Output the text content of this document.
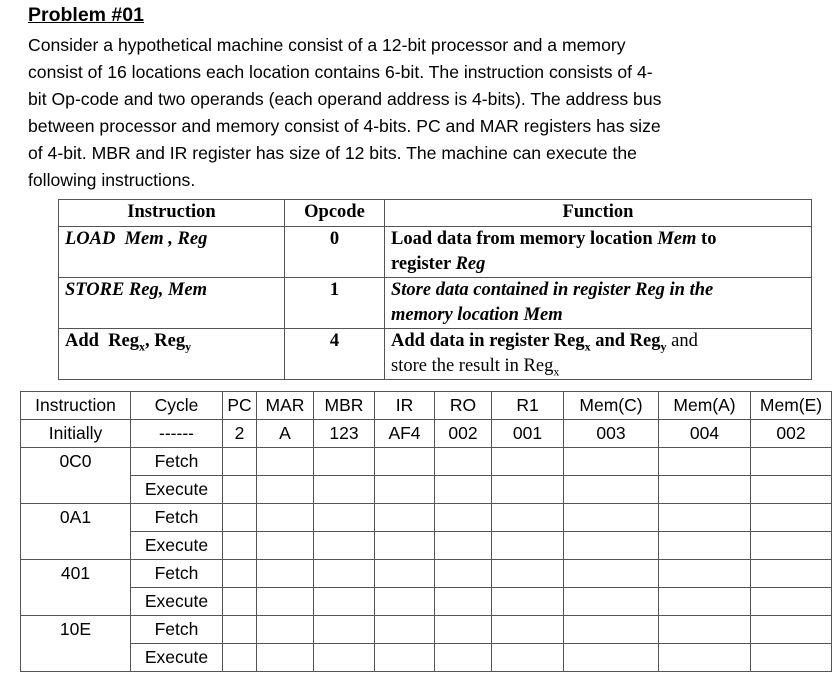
Problem #01
Consider a hypothetical machine consist of a 12-bit processor and a memory
consist of 16 locations each location contains 6-bit. The instruction consists of 4-
bit Op-code and two operands (each operand address is 4-bits). The address bus
between processor and memory consist of 4-bits. PC and MAR registers has size
of 4-bit. MBR and IR register has size of 12 bits. The machine can execute the
following instructions.
Instruction	Opcode	Function
LOAD  Mem , Reg	0	Load data from memory location Mem to
register Reg
STORE Reg, Mem	1	Store data contained in register Reg in the
memory location Mem
Add  Reg$_x$, Reg$_y$	4	Add data in register Reg$_x$ and Reg$_y$ and
store the result in Reg$_x$
Instruction	Cycle	PC	MAR	MBR	IR	RO	R1	Mem(C)	Mem(A)	Mem(E)
Initially	------	2	A	123	AF4	002	001	003	004	002
0C0	Fetch									
	Execute									
0A1	Fetch									
	Execute									
401	Fetch									
	Execute									
10E	Fetch									
	Execute									
